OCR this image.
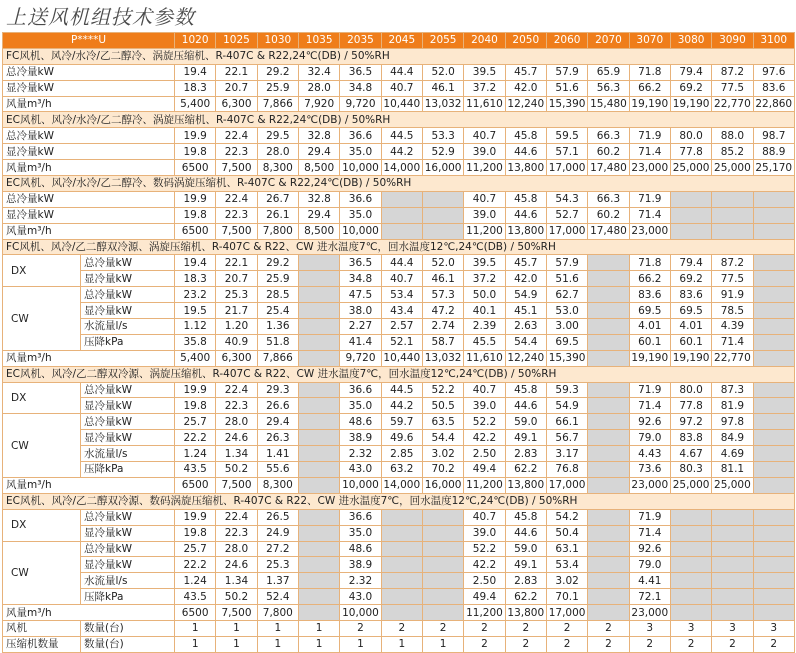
上送风机组技术参数
P****U		1020	1025	1030	1035	2035	2045	2055	2040	2050	2060	2070	3070	3080	3090	3100
FC风机、风冷/水冷/乙二醇冷、涡旋压缩机、R-407C & R22,24℃(DB) / 50%RH																
总冷量kW		19.4	22.1	29.2	32.4	36.5	44.4	52.0	39.5	45.7	57.9	65.9	71.8	79.4	87.2	97.6
显冷量kW		18.3	20.7	25.9	28.0	34.8	40.7	46.1	37.2	42.0	51.6	56.3	66.2	69.2	77.5	83.6
风量m³/h		5,400	6,300	7,866	7,920	9,720	10,440	13,032	11,610	12,240	15,390	15,480	19,190	19,190	22,770	22,860
EC风机、风冷/水冷/乙二醇冷、涡旋压缩机、R-407C & R22,24℃(DB) / 50%RH																
总冷量kW		19.9	22.4	29.5	32.8	36.6	44.5	53.3	40.7	45.8	59.5	66.3	71.9	80.0	88.0	98.7
显冷量kW		19.8	22.3	28.0	29.4	35.0	44.2	52.9	39.0	44.6	57.1	60.2	71.4	77.8	85.2	88.9
风量m³/h		6500	7,500	8,300	8,500	10,000	14,000	16,000	11,200	13,800	17,000	17,480	23,000	25,000	25,000	25,170
EC风机、风冷/水冷/乙二醇冷、数码涡旋压缩机、R-407C & R22,24℃(DB) / 50%RH																
总冷量kW		19.9	22.4	26.7	32.8	36.6			40.7	45.8	54.3	66.3	71.9			
显冷量kW		19.8	22.3	26.1	29.4	35.0			39.0	44.6	52.7	60.2	71.4			
风量m³/h		6500	7,500	7,800	8,500	10,000			11,200	13,800	17,000	17,480	23,000			
FC风机、风冷/乙二醇双冷源、涡旋压缩机、R-407C & R22、CW 进水温度7℃，回水温度12℃,24℃(DB) / 50%RH																
DX	总冷量kW	19.4	22.1	29.2		36.5	44.4	52.0	39.5	45.7	57.9		71.8	79.4	87.2	
	显冷量kW	18.3	20.7	25.9		34.8	40.7	46.1	37.2	42.0	51.6		66.2	69.2	77.5	
CW	总冷量kW	23.2	25.3	28.5		47.5	53.4	57.3	50.0	54.9	62.7		83.6	83.6	91.9	
	显冷量kW	19.5	21.7	25.4		38.0	43.4	47.2	40.1	45.1	53.0		69.5	69.5	78.5	
	水流量l/s	1.12	1.20	1.36		2.27	2.57	2.74	2.39	2.63	3.00		4.01	4.01	4.39	
	压降kPa	35.8	40.9	51.8		41.4	52.1	58.7	45.5	54.4	69.5		60.1	60.1	71.4	
风量m³/h		5,400	6,300	7,866		9,720	10,440	13,032	11,610	12,240	15,390		19,190	19,190	22,770	
EC风机、风冷/乙二醇双冷源、涡旋压缩机、R-407C & R22、CW 进水温度7℃，回水温度12℃,24℃(DB) / 50%RH																
DX	总冷量kW	19.9	22.4	29.3		36.6	44.5	52.2	40.7	45.8	59.3		71.9	80.0	87.3	
	显冷量kW	19.8	22.3	26.6		35.0	44.2	50.5	39.0	44.6	54.9		71.4	77.8	81.9	
CW	总冷量kW	25.7	28.0	29.4		48.6	59.7	63.5	52.2	59.0	66.1		92.6	97.2	97.8	
	显冷量kW	22.2	24.6	26.3		38.9	49.6	54.4	42.2	49.1	56.7		79.0	83.8	84.9	
	水流量l/s	1.24	1.34	1.41		2.32	2.85	3.02	2.50	2.83	3.17		4.43	4.67	4.69	
	压降kPa	43.5	50.2	55.6		43.0	63.2	70.2	49.4	62.2	76.8		73.6	80.3	81.1	
风量m³/h		6500	7,500	8,300		10,000	14,000	16,000	11,200	13,800	17,000		23,000	25,000	25,000	
EC风机、风冷/乙二醇双冷源、数码涡旋压缩机、R-407C & R22、CW 进水温度7℃，回水温度12℃,24℃(DB) / 50%RH																
DX	总冷量kW	19.9	22.4	26.5		36.6			40.7	45.8	54.2		71.9			
	显冷量kW	19.8	22.3	24.9		35.0			39.0	44.6	50.4		71.4			
CW	总冷量kW	25.7	28.0	27.2		48.6			52.2	59.0	63.1		92.6			
	显冷量kW	22.2	24.6	25.3		38.9			42.2	49.1	53.4		79.0			
	水流量l/s	1.24	1.34	1.37		2.32			2.50	2.83	3.02		4.41			
	压降kPa	43.5	50.2	52.4		43.0			49.4	62.2	70.1		72.1			
风量m³/h		6500	7,500	7,800		10,000			11,200	13,800	17,000		23,000			
风机	数量(台)	1	1	1	1	2	2	2	2	2	2	2	3	3	3	3
压缩机数量	数量(台)	1	1	1	1	1	1	1	2	2	2	2	2	2	2	2
